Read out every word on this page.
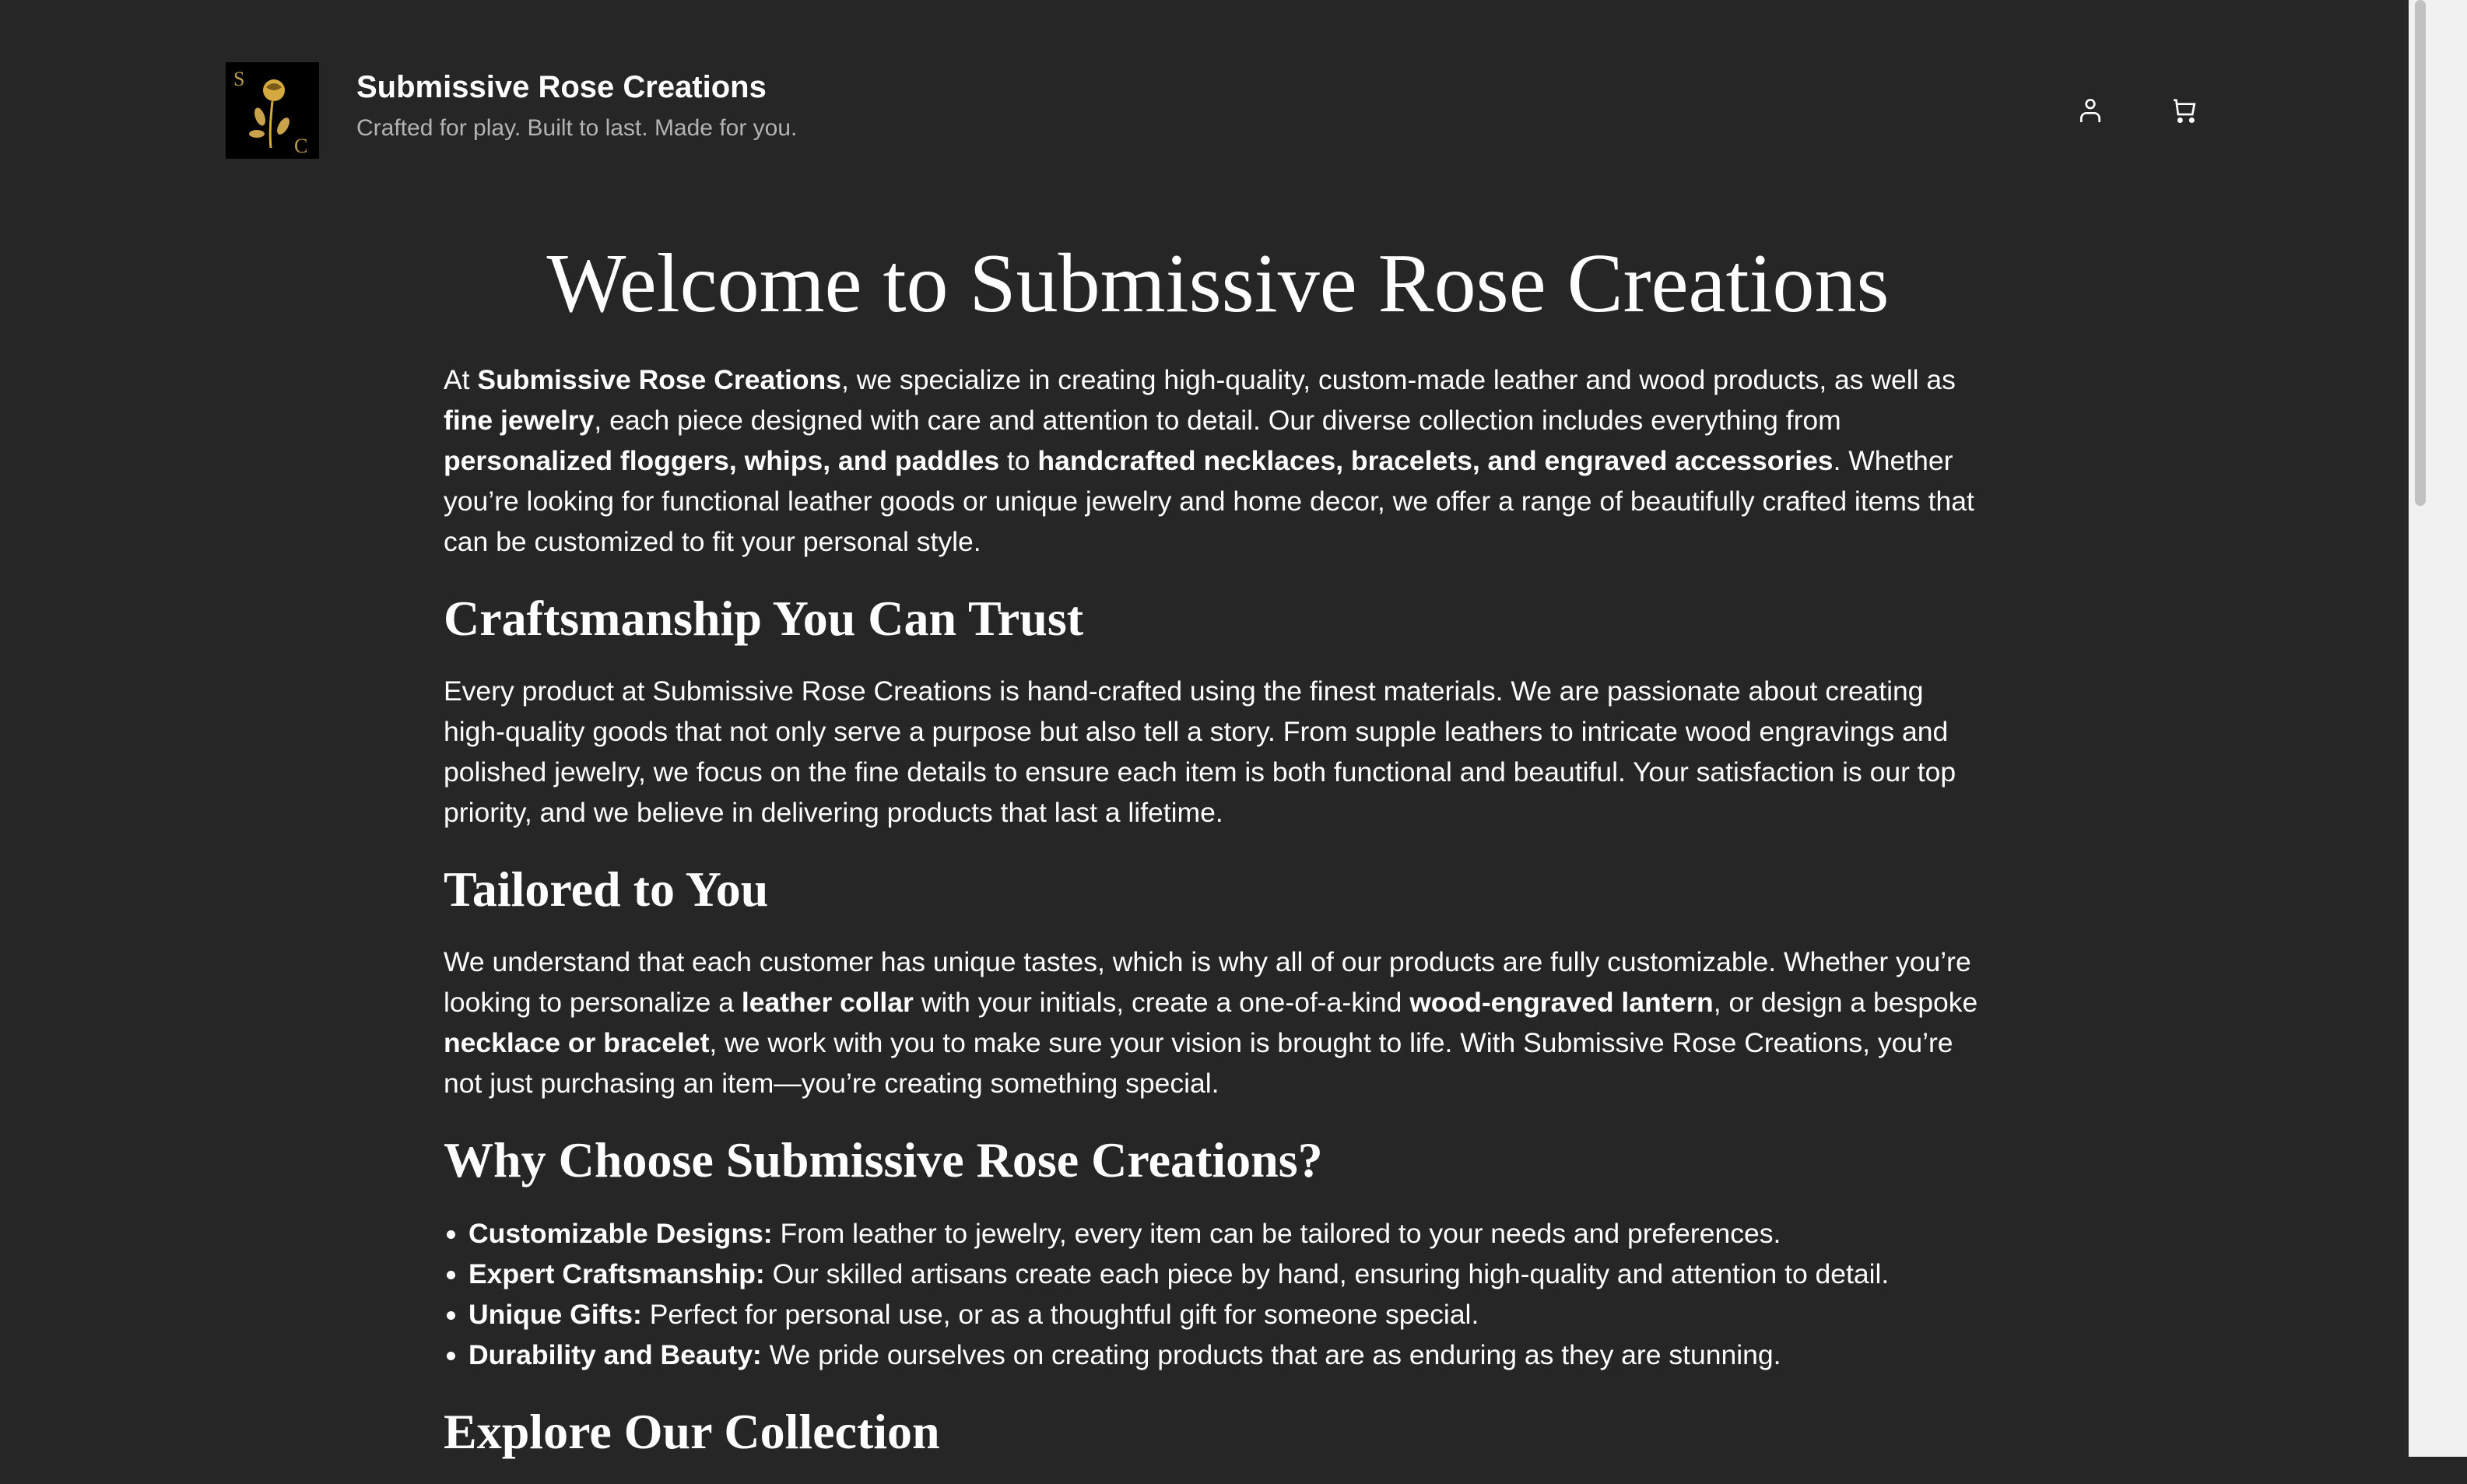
S
C
Submissive Rose Creations
Crafted for play. Built to last. Made for you.
Welcome to Submissive Rose Creations

At Submissive Rose Creations, we specialize in creating high-quality, custom-made leather and wood products, as well as fine jewelry, each piece designed with care and attention to detail. Our diverse collection includes everything from personalized floggers, whips, and paddles to handcrafted necklaces, bracelets, and engraved accessories. Whether you’re looking for functional leather goods or unique jewelry and home decor, we offer a range of beautifully crafted items that can be customized to fit your personal style.

Craftsmanship You Can Trust

Every product at Submissive Rose Creations is hand-crafted using the finest materials. We are passionate about creating high-quality goods that not only serve a purpose but also tell a story. From supple leathers to intricate wood engravings and polished jewelry, we focus on the fine details to ensure each item is both functional and beautiful. Your satisfaction is our top priority, and we believe in delivering products that last a lifetime.

Tailored to You

We understand that each customer has unique tastes, which is why all of our products are fully customizable. Whether you’re looking to personalize a leather collar with your initials, create a one-of-a-kind wood-engraved lantern, or design a bespoke necklace or bracelet, we work with you to make sure your vision is brought to life. With Submissive Rose Creations, you’re not just purchasing an item—you’re creating something special.

Why Choose Submissive Rose Creations?
• Customizable Designs: From leather to jewelry, every item can be tailored to your needs and preferences.
• Expert Craftsmanship: Our skilled artisans create each piece by hand, ensuring high-quality and attention to detail.
• Unique Gifts: Perfect for personal use, or as a thoughtful gift for someone special.
• Durability and Beauty: We pride ourselves on creating products that are as enduring as they are stunning.
Explore Our Collection
